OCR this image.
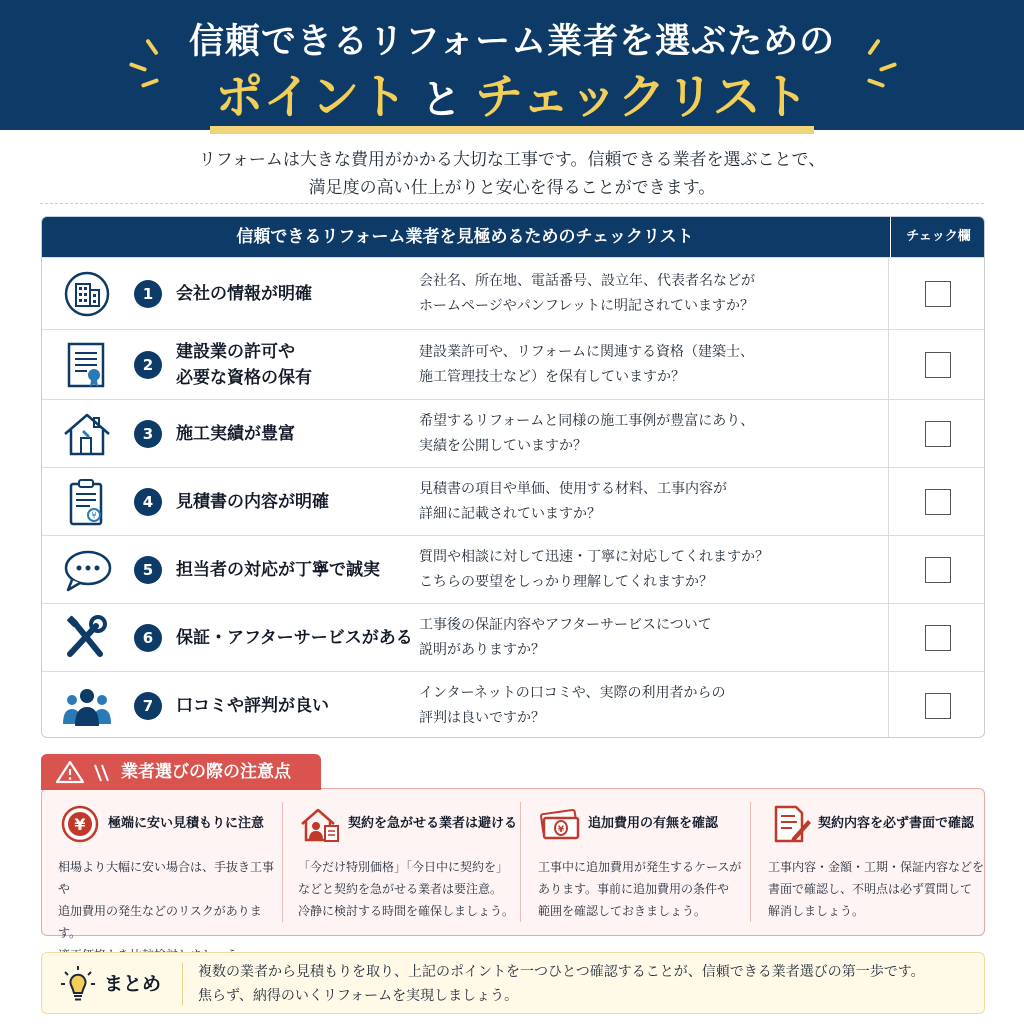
信頼できるリフォーム業者を選ぶための
ポイント と チェックリスト
リフォームは大きな費用がかかる大切な工事です。信頼できる業者を選ぶことで、
満足度の高い仕上がりと安心を得ることができます。
信頼できるリフォーム業者を見極めるためのチェックリスト	チェック欄
1	会社の情報が明確
会社名、所在地、電話番号、設立年、代表者名などが
ホームページやパンフレットに明記されていますか？
2
建設業の許可や
必要な資格の保有
建設業許可や、リフォームに関連する資格（建築士、
施工管理技士など）を保有していますか？
3	施工実績が豊富
希望するリフォームと同様の施工事例が豊富にあり、
実績を公開していますか？
¥
4	見積書の内容が明確
見積書の項目や単価、使用する材料、工事内容が
詳細に記載されていますか？
5	担当者の対応が丁寧で誠実
質問や相談に対して迅速・丁寧に対応してくれますか？
こちらの要望をしっかり理解してくれますか？
6	保証・アフターサービスがある
工事後の保証内容やアフターサービスについて
説明がありますか？
7	口コミや評判が良い
インターネットの口コミや、実際の利用者からの
評判は良いですか？
業者選びの際の注意点
¥ 極端に安い見積もりに注意
相場より大幅に安い場合は、手抜き工事や
追加費用の発生などのリスクがあります。
契約を急がせる業者は避ける
「今だけ特別価格」「今日中に契約を」
などと契約を急がせる業者は要注意。
冷静に検討する時間を確保しましょう。
¥ 追加費用の有無を確認
工事中に追加費用が発生するケースが
あります。事前に追加費用の条件や
範囲を確認しておきましょう。
契約内容を必ず書面で確認
工事内容・金額・工期・保証内容などを
書面で確認し、不明点は必ず質問して
解消しましょう。
まとめ
複数の業者から見積もりを取り、上記のポイントを一つひとつ確認することが、信頼できる業者選びの第一歩です。
焦らず、納得のいくリフォームを実現しましょう。
